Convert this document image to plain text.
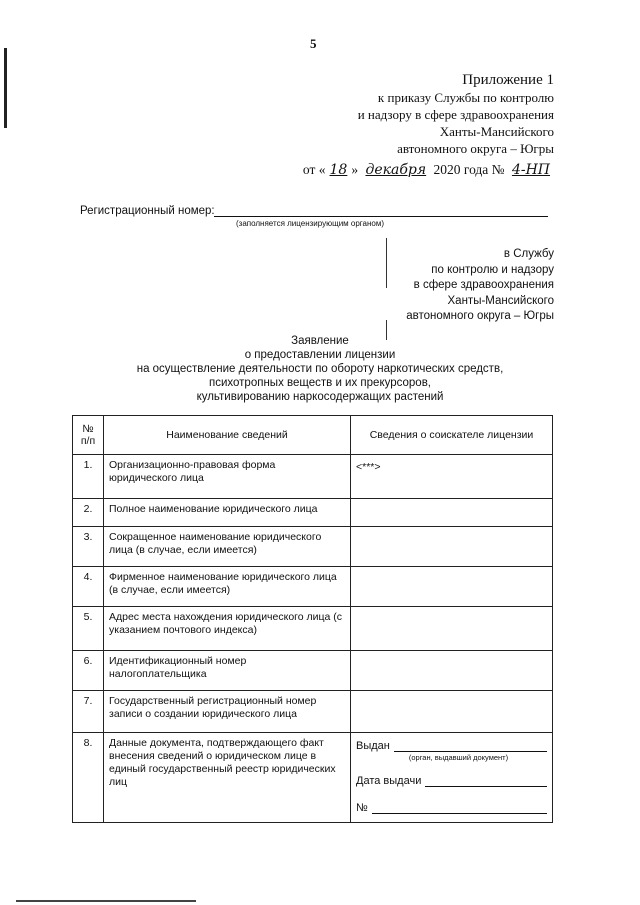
5
Приложение 1
к приказу Службы по контролю
и надзору в сфере здравоохранения
Ханты-Мансийского
автономного округа – Югры
от « 18 » декабря 2020 года № 4-НП
Регистрационный номер:
(заполняется лицензирующим органом)
в Службу
по контролю и надзору
в сфере здравоохранения
Ханты-Мансийского
автономного округа – Югры
Заявление
о предоставлении лицензии
на осуществление деятельности по обороту наркотических средств,
психотропных веществ и их прекурсоров,
культивированию наркосодержащих растений
№ п/п	Наименование сведений	Сведения о соискателе лицензии
1.	Организационно-правовая форма юридического лица	<***>

2.	Полное наименование юридического лица	

3.	Сокращенное наименование юридического лица (в случае, если имеется)	

4.	Фирменное наименование юридического лица (в случае, если имеется)	

5.	Адрес места нахождения юридического лица (с указанием почтового индекса)	

6.	Идентификационный номер налогоплательщика	

7.	Государственный регистрационный номер записи о создании юридического лица	

8.	Данные документа, подтверждающего факт внесения сведений о юридическом лице в единый государственный реестр юридических лиц	Выдан
(орган, выдавший документ)
Дата выдачи
№
